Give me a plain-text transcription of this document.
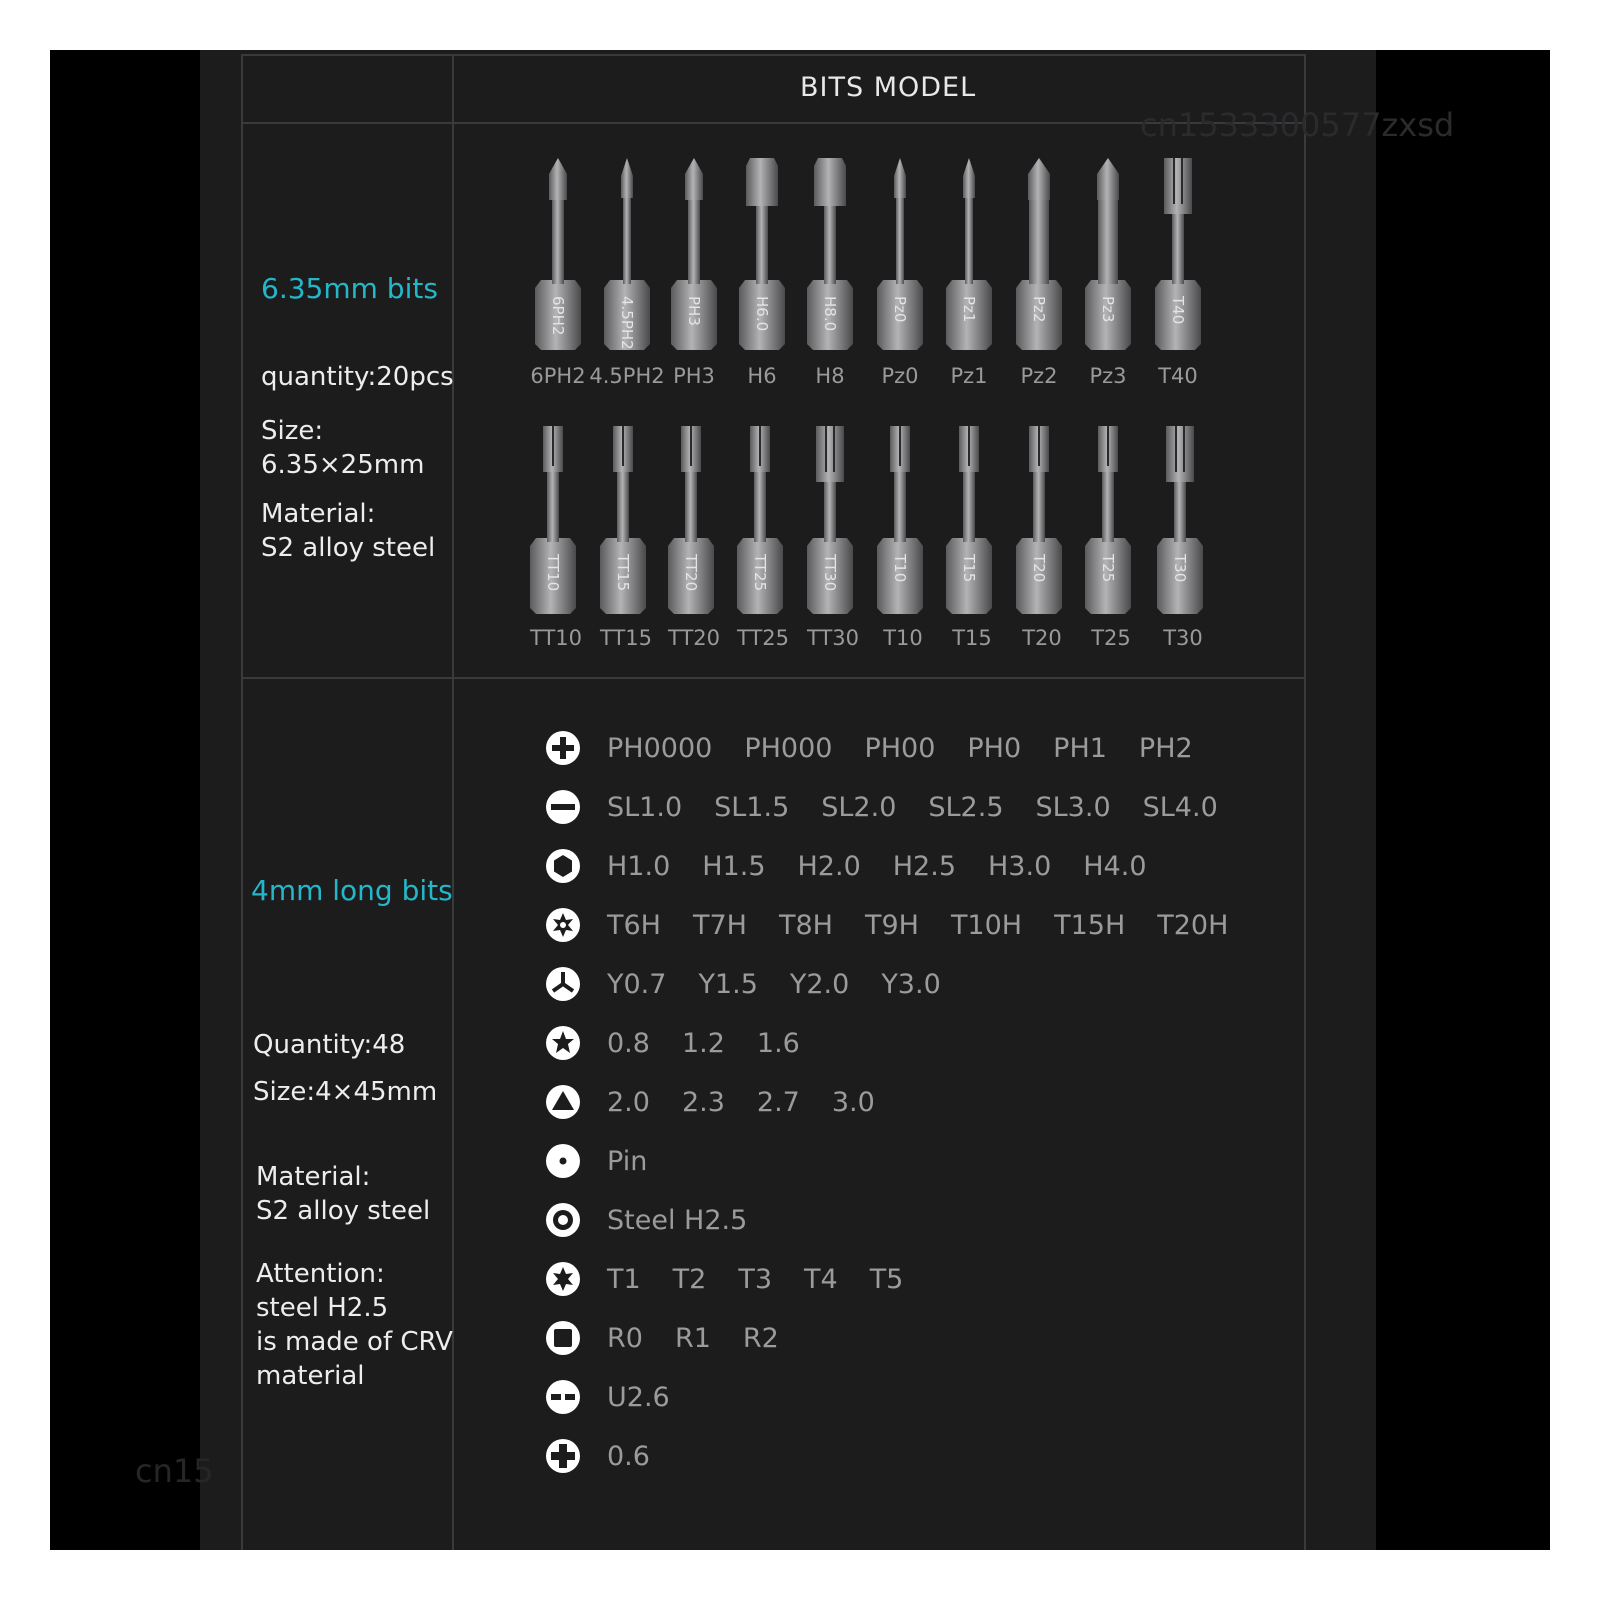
BITS MODEL
cn1533300577zxsd
cn15
6.35mm bits
quantity:20pcs
Size:
6.35×25mm
Material:
S2 alloy steel
6PH2	4.5PH2	PH3	H6.0	H8.0	Pz0	Pz1	Pz2	Pz3	T40
TT10	TT15	TT20	TT25	TT30	T10	T15	T20	T25	T30
4mm long bits
Quantity:48
Size:4×45mm
Material:
S2 alloy steel
Attention:
steel H2.5
is made of CRV
material
PH0000 PH000 PH00 PH0 PH1 PH2
SL1.0 SL1.5 SL2.0 SL2.5 SL3.0 SL4.0
H1.0 H1.5 H2.0 H2.5 H3.0 H4.0
T6H T7H T8H T9H T10H T15H T20H
Y0.7 Y1.5 Y2.0 Y3.0
0.8 1.2 1.6
2.0 2.3 2.7 3.0
Pin
Steel H2.5
T1 T2 T3 T4 T5
R0 R1 R2
U2.6
0.6
6PH2 4.5PH2 PH3 H6 H8 Pz0 Pz1 Pz2 Pz3 T40
TT10 TT15 TT20 TT25 TT30 T10 T15 T20 T25 T30
